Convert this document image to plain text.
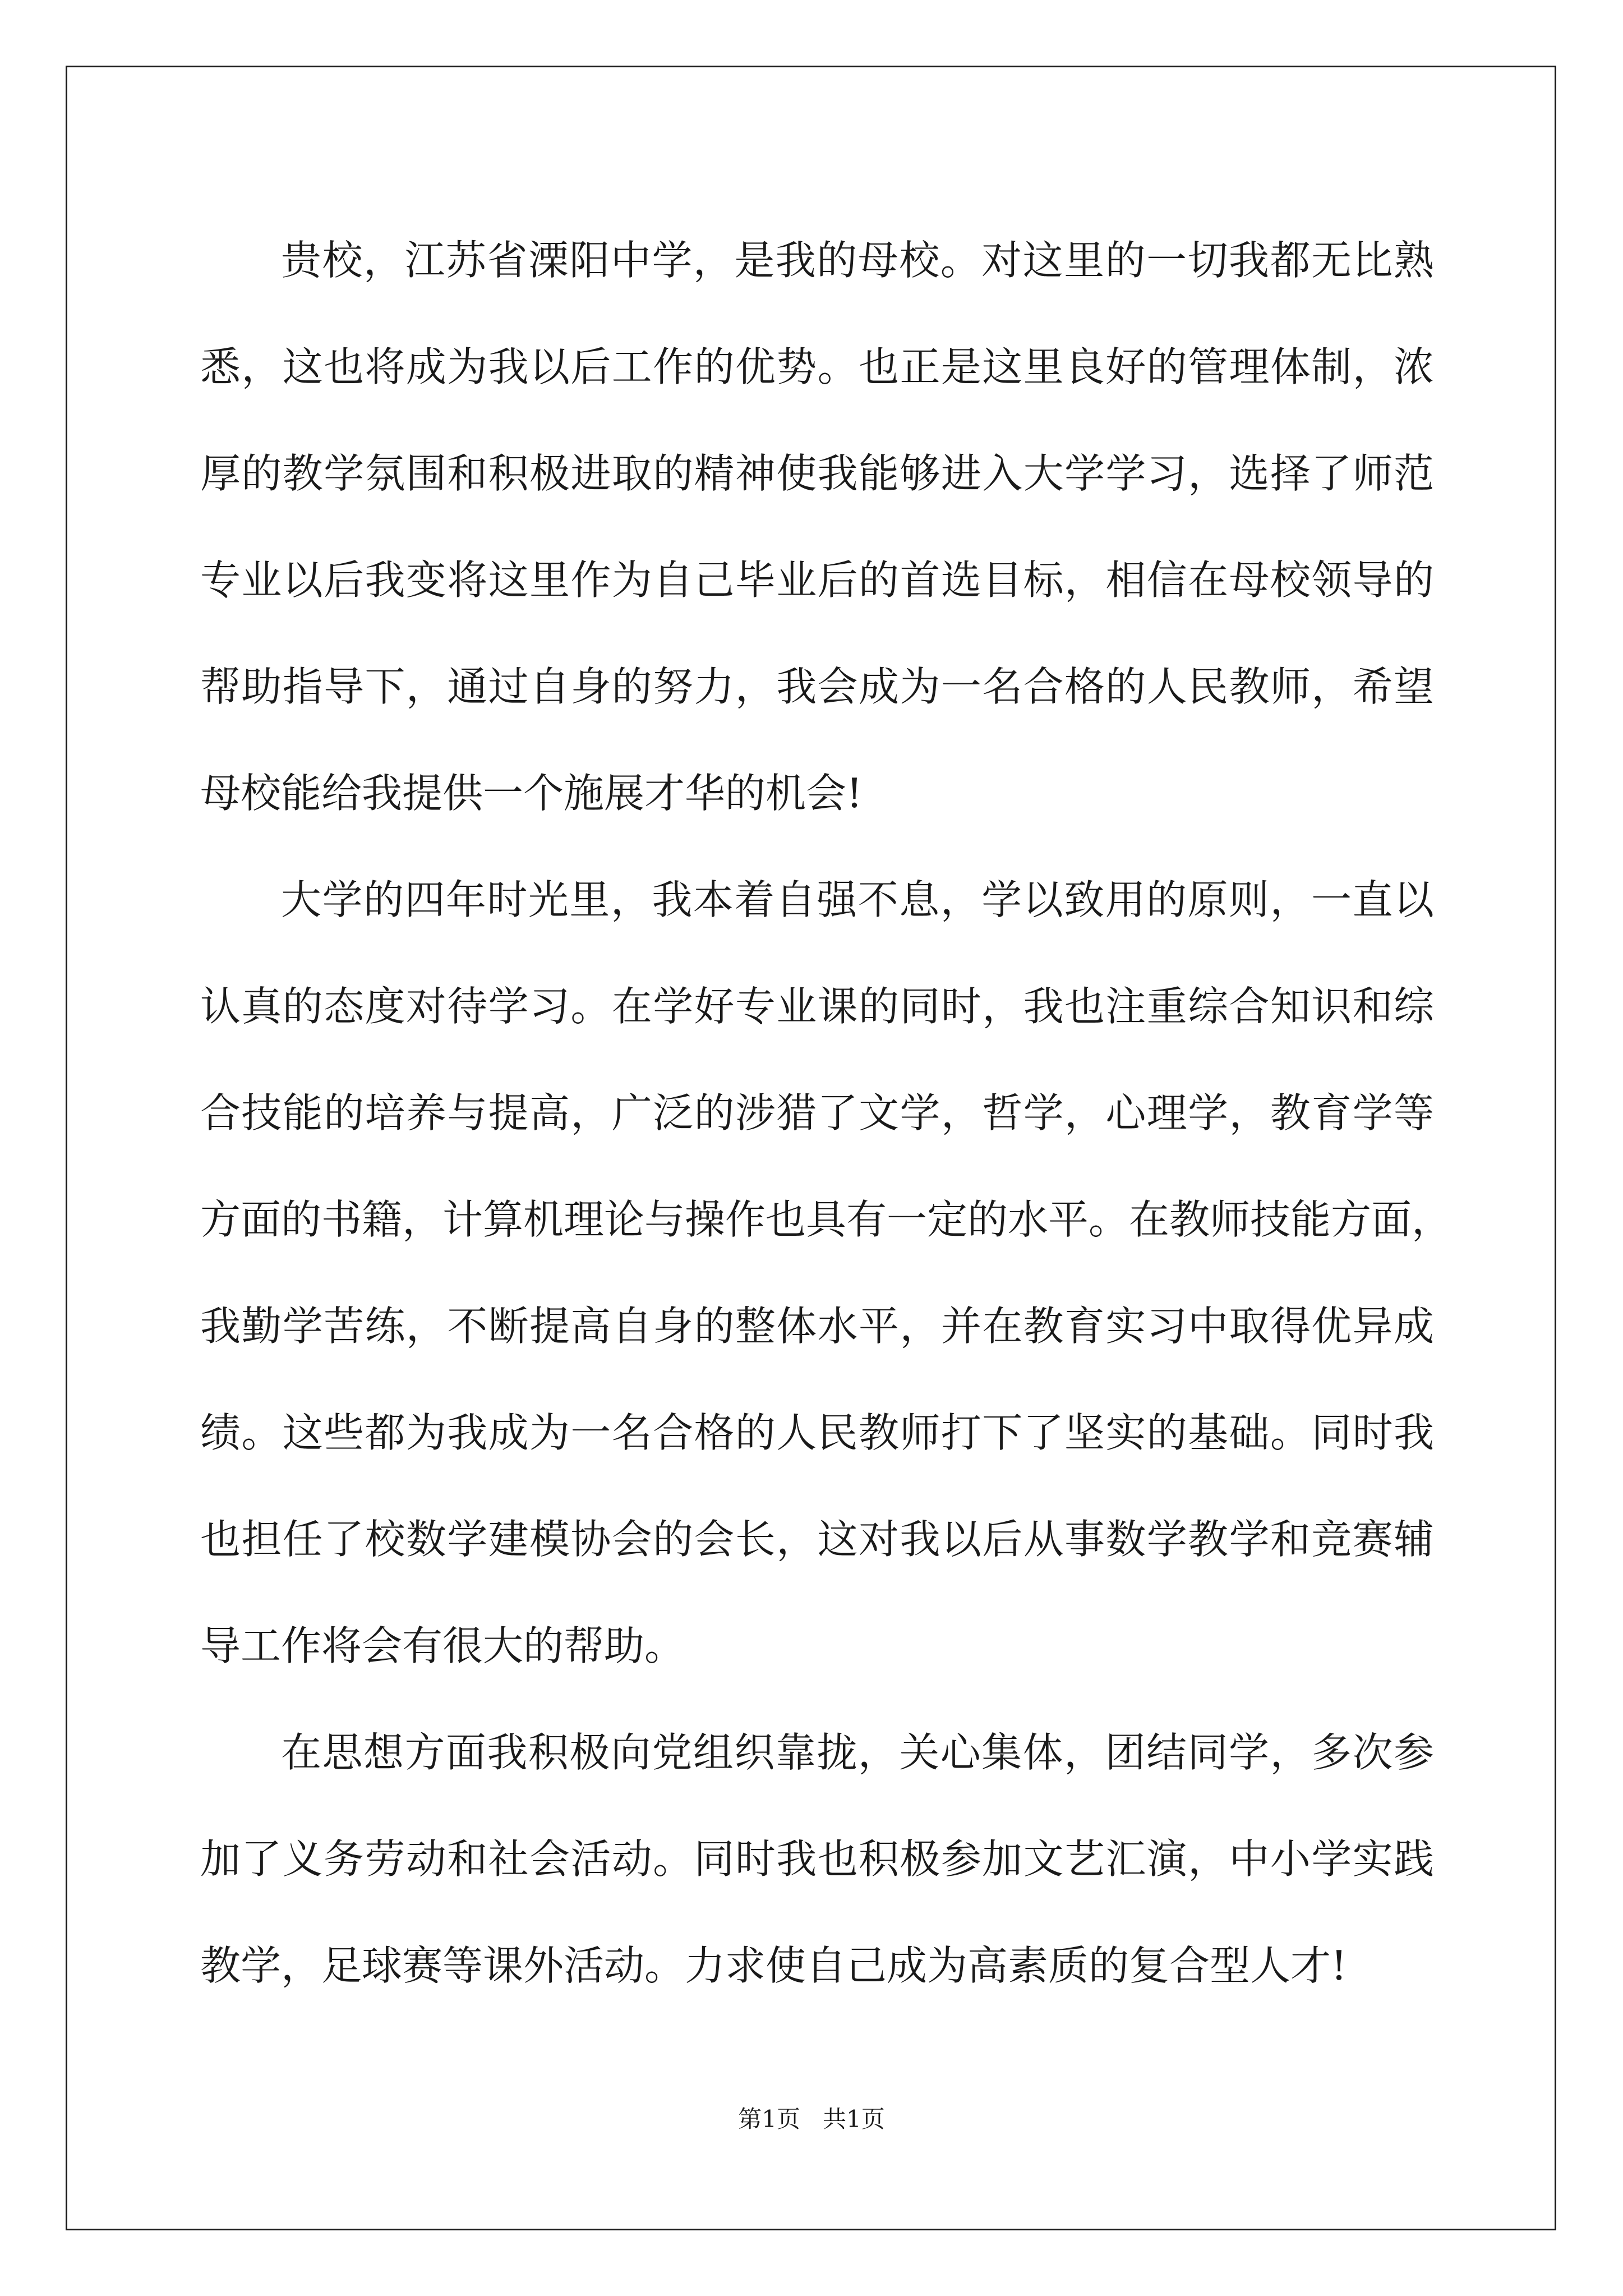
贵校，江苏省溧阳中学，是我的母校。对这里的一切我都无比熟
悉，这也将成为我以后工作的优势。也正是这里良好的管理体制，浓
厚的教学氛围和积极进取的精神使我能够进入大学学习，选择了师范
专业以后我变将这里作为自己毕业后的首选目标，相信在母校领导的
帮助指导下，通过自身的努力，我会成为一名合格的人民教师，希望
母校能给我提供一个施展才华的机会!
大学的四年时光里，我本着自强不息，学以致用的原则，一直以
认真的态度对待学习。在学好专业课的同时，我也注重综合知识和综
合技能的培养与提高，广泛的涉猎了文学，哲学，心理学，教育学等
方面的书籍，计算机理论与操作也具有一定的水平。在教师技能方面，
我勤学苦练，不断提高自身的整体水平，并在教育实习中取得优异成
绩。这些都为我成为一名合格的人民教师打下了坚实的基础。同时我
也担任了校数学建模协会的会长，这对我以后从事数学教学和竞赛辅
导工作将会有很大的帮助。
在思想方面我积极向党组织靠拢，关心集体，团结同学，多次参
加了义务劳动和社会活动。同时我也积极参加文艺汇演，中小学实践
教学，足球赛等课外活动。力求使自己成为高素质的复合型人才!
第1页   共1页
